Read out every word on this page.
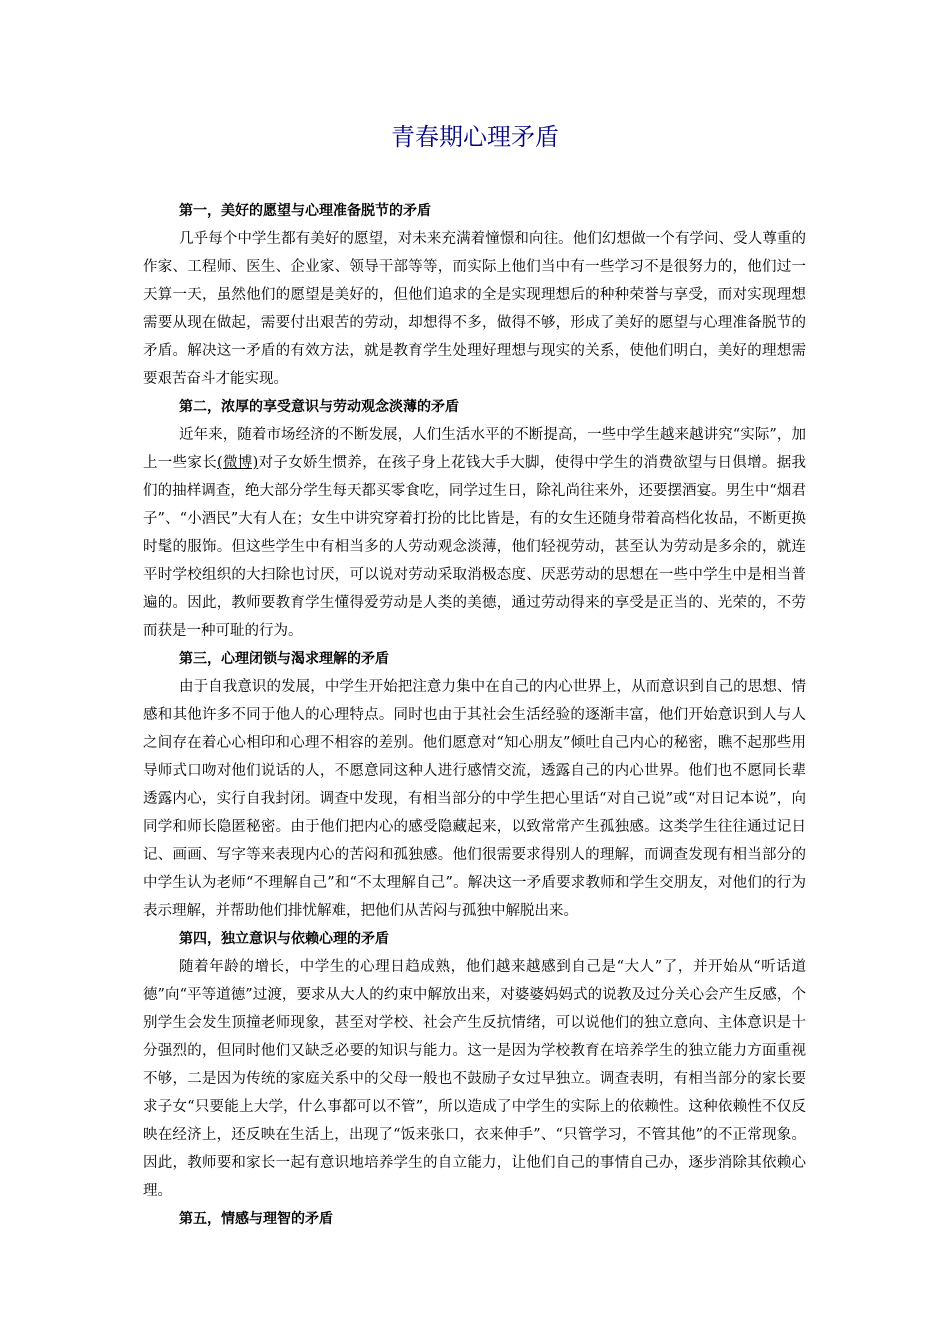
青春期心理矛盾

第一，美好的愿望与心理准备脱节的矛盾

几乎每个中学生都有美好的愿望，对未来充满着憧憬和向往。他们幻想做一个有学问、受人尊重的作家、工程师、医生、企业家、领导干部等等，而实际上他们当中有一些学习不是很努力的，他们过一天算一天，虽然他们的愿望是美好的，但他们追求的全是实现理想后的种种荣誉与享受，而对实现理想需要从现在做起，需要付出艰苦的劳动，却想得不多，做得不够，形成了美好的愿望与心理准备脱节的矛盾。解决这一矛盾的有效方法，就是教育学生处理好理想与现实的关系，使他们明白，美好的理想需要艰苦奋斗才能实现。

第二，浓厚的享受意识与劳动观念淡薄的矛盾

近年来，随着市场经济的不断发展，人们生活水平的不断提高，一些中学生越来越讲究“实际”，加上一些家长(微博)对子女娇生惯养，在孩子身上花钱大手大脚，使得中学生的消费欲望与日俱增。据我们的抽样调查，绝大部分学生每天都买零食吃，同学过生日，除礼尚往来外，还要摆酒宴。男生中“烟君子”、“小酒民”大有人在；女生中讲究穿着打扮的比比皆是，有的女生还随身带着高档化妆品，不断更换时髦的服饰。但这些学生中有相当多的人劳动观念淡薄，他们轻视劳动，甚至认为劳动是多余的，就连平时学校组织的大扫除也讨厌，可以说对劳动采取消极态度、厌恶劳动的思想在一些中学生中是相当普遍的。因此，教师要教育学生懂得爱劳动是人类的美德，通过劳动得来的享受是正当的、光荣的，不劳而获是一种可耻的行为。

第三，心理闭锁与渴求理解的矛盾

由于自我意识的发展，中学生开始把注意力集中在自己的内心世界上，从而意识到自己的思想、情感和其他许多不同于他人的心理特点。同时也由于其社会生活经验的逐渐丰富，他们开始意识到人与人之间存在着心心相印和心理不相容的差别。他们愿意对“知心朋友”倾吐自己内心的秘密，瞧不起那些用导师式口吻对他们说话的人，不愿意同这种人进行感情交流，透露自己的内心世界。他们也不愿同长辈透露内心，实行自我封闭。调查中发现，有相当部分的中学生把心里话“对自己说”或“对日记本说”，向同学和师长隐匿秘密。由于他们把内心的感受隐藏起来，以致常常产生孤独感。这类学生往往通过记日记、画画、写字等来表现内心的苦闷和孤独感。他们很需要求得别人的理解，而调查发现有相当部分的中学生认为老师“不理解自己”和“不太理解自己”。解决这一矛盾要求教师和学生交朋友，对他们的行为表示理解，并帮助他们排忧解难，把他们从苦闷与孤独中解脱出来。

第四，独立意识与依赖心理的矛盾

随着年龄的增长，中学生的心理日趋成熟，他们越来越感到自己是“大人”了，并开始从“听话道德”向“平等道德”过渡，要求从大人的约束中解放出来，对婆婆妈妈式的说教及过分关心会产生反感，个别学生会发生顶撞老师现象，甚至对学校、社会产生反抗情绪，可以说他们的独立意向、主体意识是十分强烈的，但同时他们又缺乏必要的知识与能力。这一是因为学校教育在培养学生的独立能力方面重视不够，二是因为传统的家庭关系中的父母一般也不鼓励子女过早独立。调查表明，有相当部分的家长要求子女“只要能上大学，什么事都可以不管”，所以造成了中学生的实际上的依赖性。这种依赖性不仅反映在经济上，还反映在生活上，出现了“饭来张口，衣来伸手”、“只管学习，不管其他”的不正常现象。因此，教师要和家长一起有意识地培养学生的自立能力，让他们自己的事情自己办，逐步消除其依赖心理。

第五，情感与理智的矛盾
